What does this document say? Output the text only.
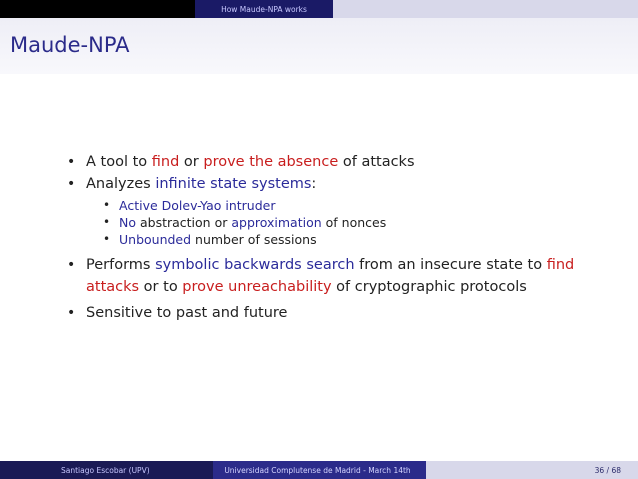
How Maude-NPA works
Maude-NPA
• A tool to find or prove the absence of attacks
• Analyzes infinite state systems:
• Active Dolev-Yao intruder
• No abstraction or approximation of nonces
• Unbounded number of sessions
• Performs symbolic backwards search from an insecure state to find
attacks or to prove unreachability of cryptographic protocols
• Sensitive to past and future
Santiago Escobar (UPV)	Universidad Complutense de Madrid - March 14th	36 / 68
